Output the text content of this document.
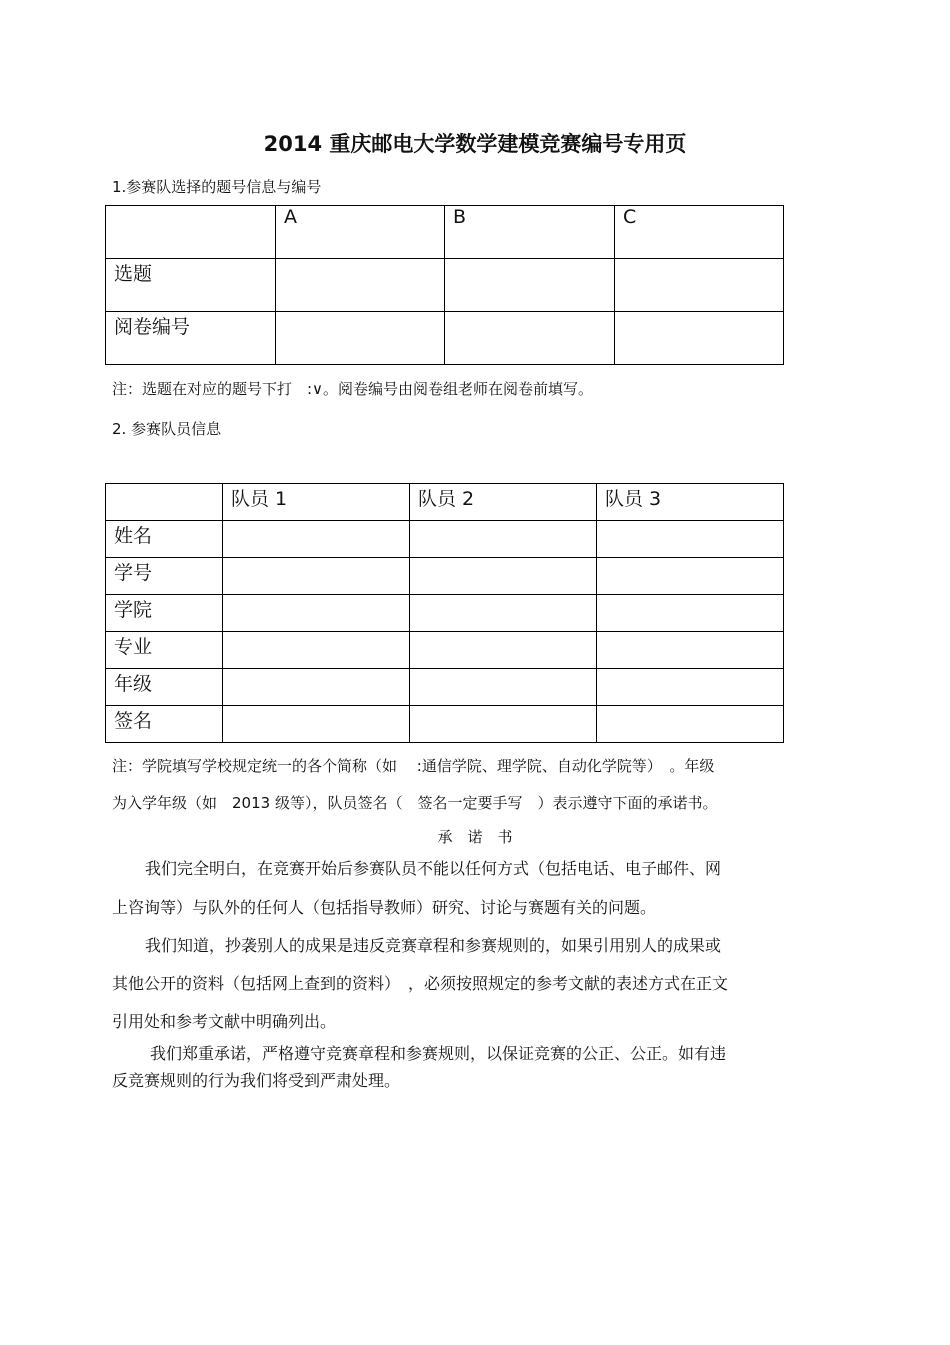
2014 重庆邮电大学数学建模竞赛编号专用页
1.参赛队选择的题号信息与编号
	A	B	C
选题			
阅卷编号			
注：选题在对应的题号下打　:∨。阅卷编号由阅卷组老师在阅卷前填写。
2. 参赛队员信息
	队员 1	队员 2	队员 3
姓名			
学号			
学院			
专业			
年级			
签名			
注：学院填写学校规定统一的各个简称（如　 :通信学院、理学院、自动化学院等）　。年级
为入学年级（如　2013 级等），队员签名（　签名一定要手写　）表示遵守下面的承诺书。
承　诺　书
我们完全明白，在竞赛开始后参赛队员不能以任何方式（包括电话、电子邮件、网
上咨询等）与队外的任何人（包括指导教师）研究、讨论与赛题有关的问题。
我们知道，抄袭别人的成果是违反竞赛章程和参赛规则的，如果引用别人的成果或
其他公开的资料（包括网上查到的资料）　，必须按照规定的参考文献的表述方式在正文
引用处和参考文献中明确列出。
我们郑重承诺，严格遵守竞赛章程和参赛规则，以保证竞赛的公正、公正。如有违
反竞赛规则的行为我们将受到严肃处理。
